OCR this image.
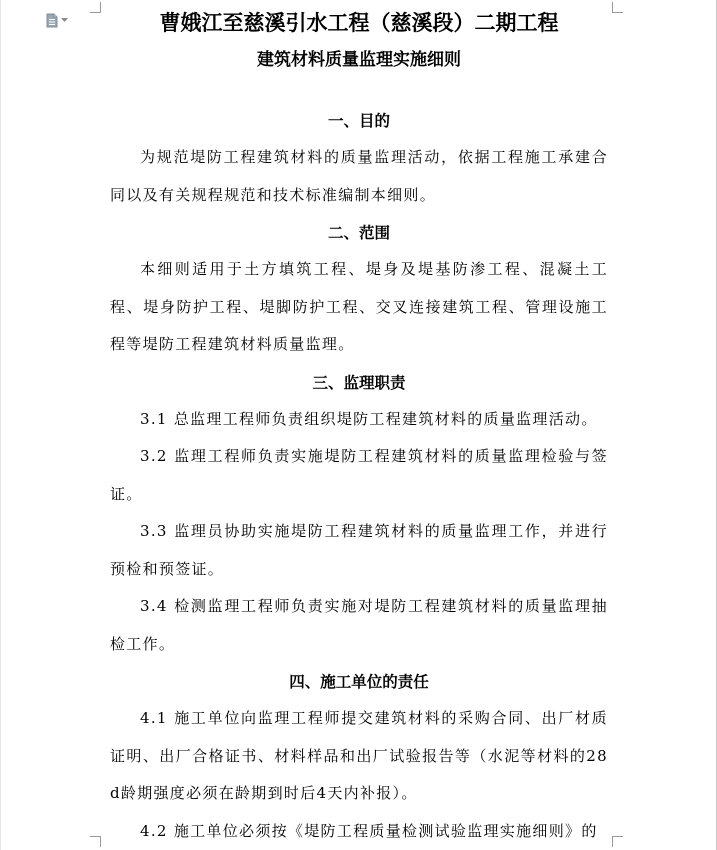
曹娥江至慈溪引水工程（慈溪段）二期工程
建筑材料质量监理实施细则
一、目的

为规范堤防工程建筑材料的质量监理活动，依据工程施工承建合同以及有关规程规范和技术标准编制本细则。

二、范围

本细则适用于土方填筑工程、堤身及堤基防渗工程、混凝土工程、堤身防护工程、堤脚防护工程、交叉连接建筑工程、管理设施工程等堤防工程建筑材料质量监理。

三、监理职责

3.1 总监理工程师负责组织堤防工程建筑材料的质量监理活动。

3.2 监理工程师负责实施堤防工程建筑材料的质量监理检验与签证。

3.3 监理员协助实施堤防工程建筑材料的质量监理工作，并进行预检和预签证。

3.4 检测监理工程师负责实施对堤防工程建筑材料的质量监理抽检工作。

四、施工单位的责任

4.1 施工单位向监理工程师提交建筑材料的采购合同、出厂材质证明、出厂合格证书、材料样品和出厂试验报告等（水泥等材料的28d龄期强度必须在龄期到时后4天内补报）。

4.2 施工单位必须按《堤防工程质量检测试验监理实施细则》的
